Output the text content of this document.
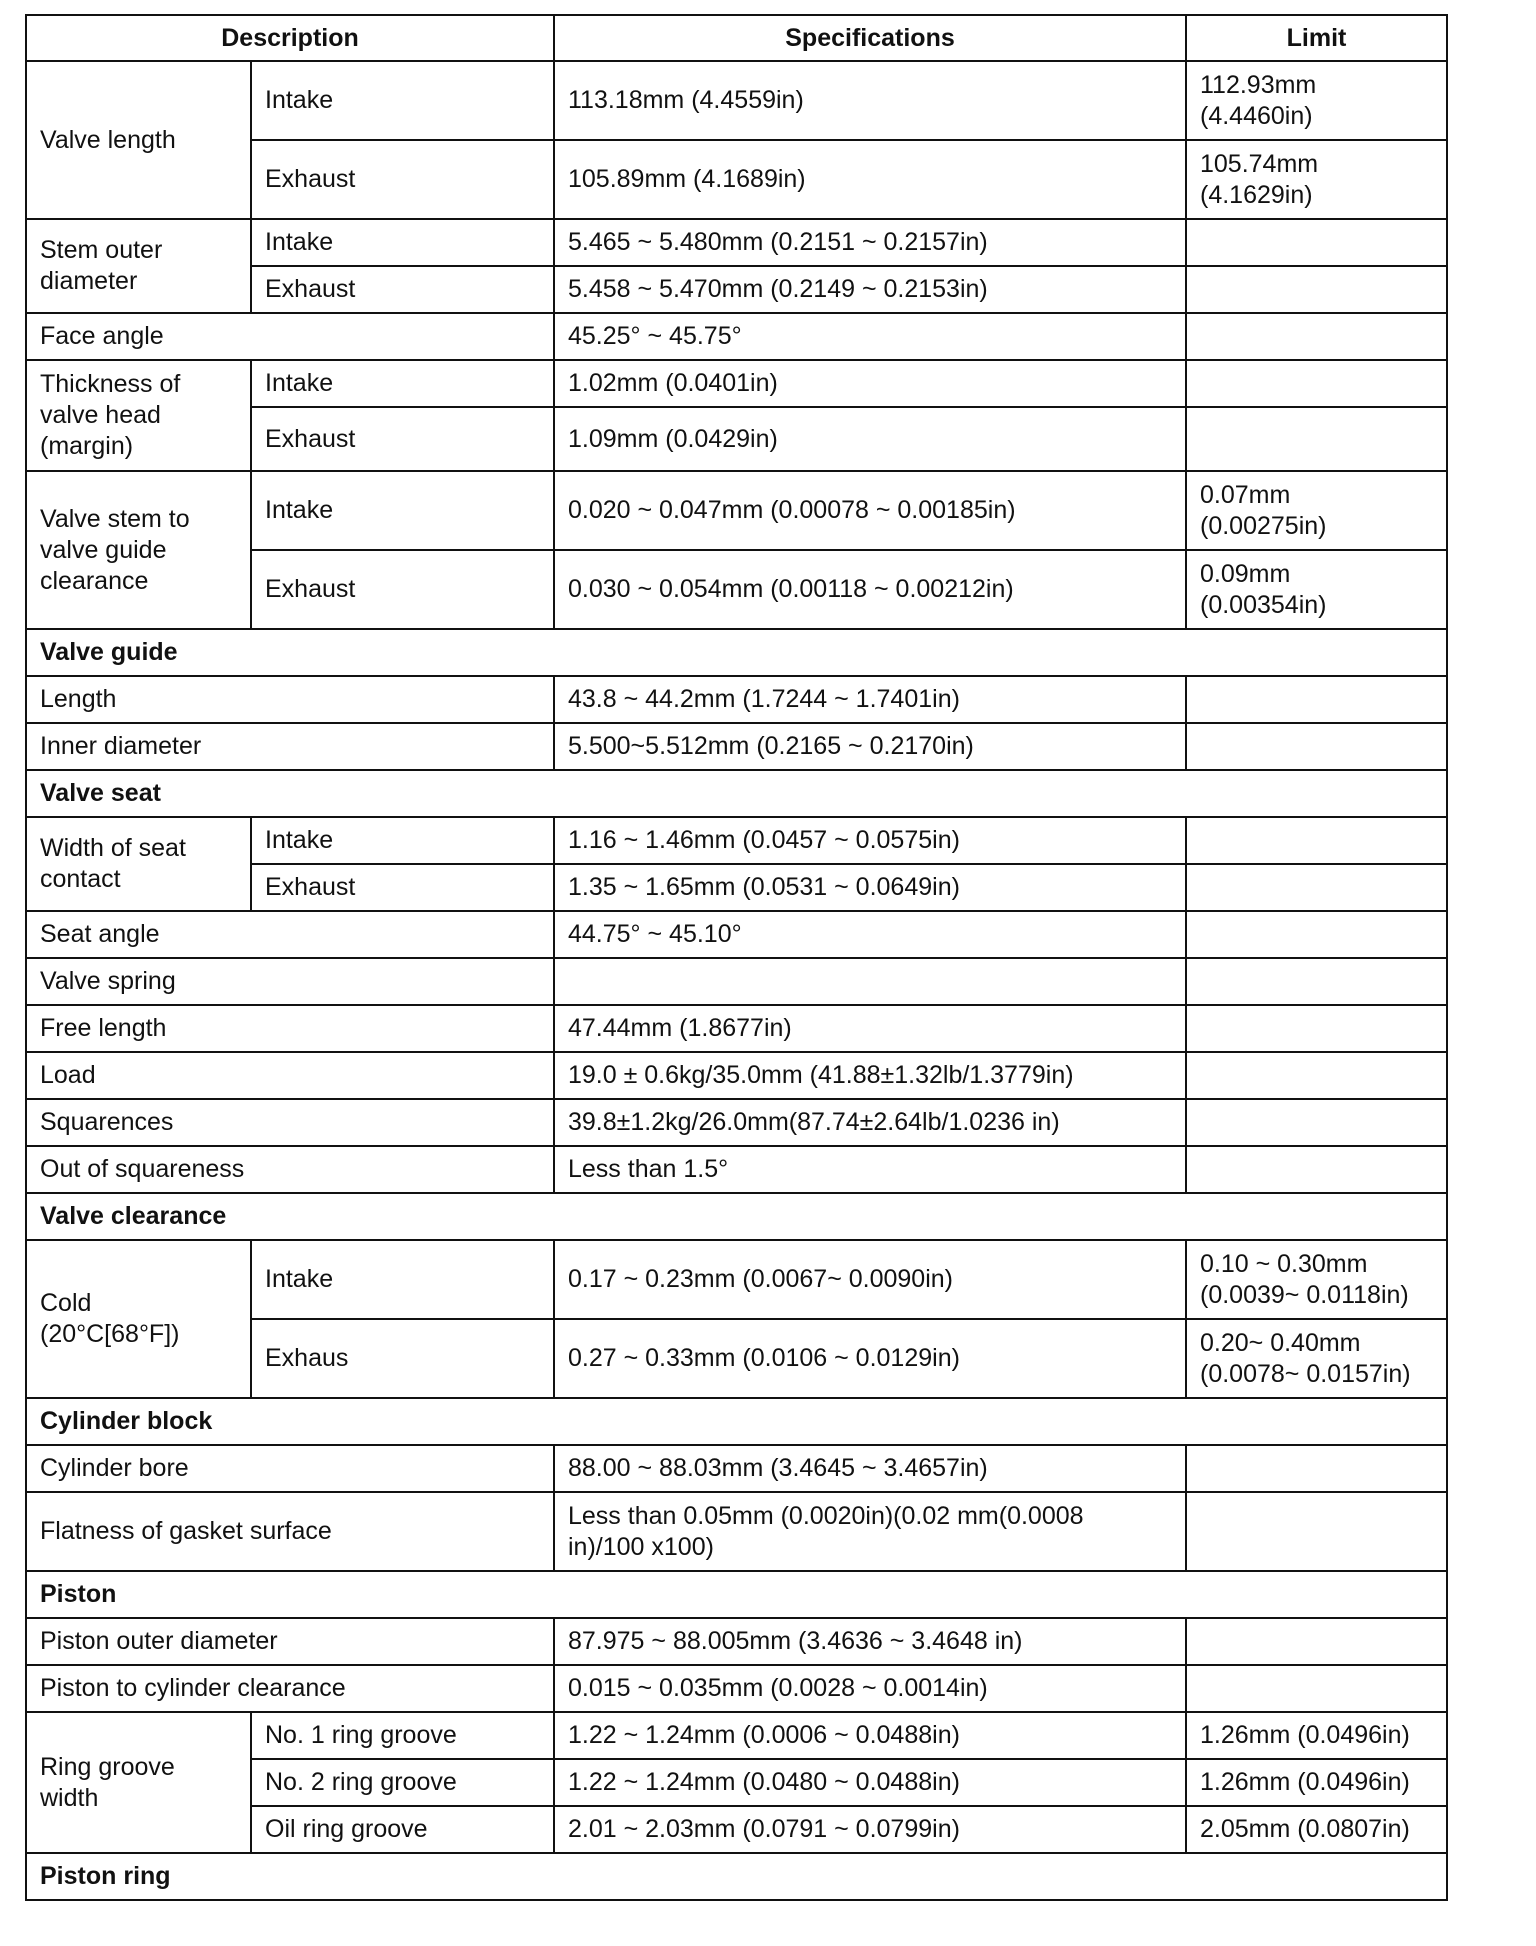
Description		Specifications	Limit
Valve length	Intake	113.18mm (4.4559in)	112.93mm
(4.4460in)
	Exhaust	105.89mm (4.1689in)	105.74mm
(4.1629in)
Stem outer
diameter	Intake	5.465 ~ 5.480mm (0.2151 ~ 0.2157in)	
	Exhaust	5.458 ~ 5.470mm (0.2149 ~ 0.2153in)	
Face angle		45.25° ~ 45.75°	
Thickness of
valve head
(margin)	Intake	1.02mm (0.0401in)	
	Exhaust	1.09mm (0.0429in)	
Valve stem to
valve guide
clearance	Intake	0.020 ~ 0.047mm (0.00078 ~ 0.00185in)	0.07mm
(0.00275in)
	Exhaust	0.030 ~ 0.054mm (0.00118 ~ 0.00212in)	0.09mm
(0.00354in)
Valve guide			
Length		43.8 ~ 44.2mm (1.7244 ~ 1.7401in)	
Inner diameter		5.500~5.512mm (0.2165 ~ 0.2170in)	
Valve seat			
Width of seat
contact	Intake	1.16 ~ 1.46mm (0.0457 ~ 0.0575in)	
	Exhaust	1.35 ~ 1.65mm (0.0531 ~ 0.0649in)	
Seat angle		44.75° ~ 45.10°	
Valve spring			
Free length		47.44mm (1.8677in)	
Load		19.0 ± 0.6kg/35.0mm (41.88±1.32lb/1.3779in)	
Squarences		39.8±1.2kg/26.0mm(87.74±2.64lb/1.0236 in)	
Out of squareness		Less than 1.5°	
Valve clearance			
Cold
(20°C[68°F])	Intake	0.17 ~ 0.23mm (0.0067~ 0.0090in)	0.10 ~ 0.30mm
(0.0039~ 0.0118in)
	Exhaus	0.27 ~ 0.33mm (0.0106 ~ 0.0129in)	0.20~ 0.40mm
(0.0078~ 0.0157in)
Cylinder block			
Cylinder bore		88.00 ~ 88.03mm (3.4645 ~ 3.4657in)	
Flatness of gasket surface		Less than 0.05mm (0.0020in)(0.02 mm(0.0008
in)/100 x100)	
Piston			
Piston outer diameter		87.975 ~ 88.005mm (3.4636 ~ 3.4648 in)	
Piston to cylinder clearance		0.015 ~ 0.035mm (0.0028 ~ 0.0014in)	
Ring groove
width	No. 1 ring groove	1.22 ~ 1.24mm (0.0006 ~ 0.0488in)	1.26mm (0.0496in)
	No. 2 ring groove	1.22 ~ 1.24mm (0.0480 ~ 0.0488in)	1.26mm (0.0496in)
	Oil ring groove	2.01 ~ 2.03mm (0.0791 ~ 0.0799in)	2.05mm (0.0807in)
Piston ring			
